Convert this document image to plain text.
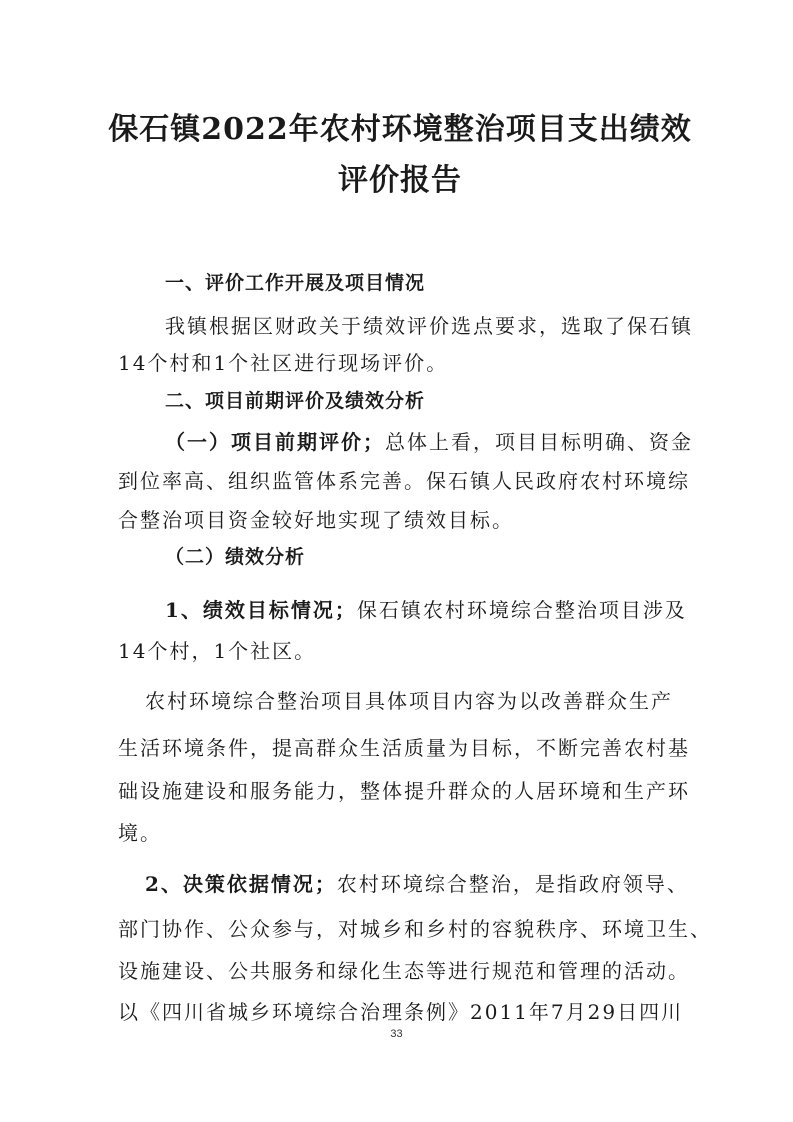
保石镇2022年农村环境整治项目支出绩效
评价报告
一、评价工作开展及项目情况
我镇根据区财政关于绩效评价选点要求，选取了保石镇
14个村和1个社区进行现场评价。
二、项目前期评价及绩效分析
（一）项目前期评价；总体上看，项目目标明确、资金
到位率高、组织监管体系完善。保石镇人民政府农村环境综
合整治项目资金较好地实现了绩效目标。
（二）绩效分析
1、绩效目标情况；保石镇农村环境综合整治项目涉及
14个村，1个社区。
农村环境综合整治项目具体项目内容为以改善群众生产
生活环境条件，提高群众生活质量为目标，不断完善农村基
础设施建设和服务能力，整体提升群众的人居环境和生产环
境。
2、决策依据情况；农村环境综合整治，是指政府领导、
部门协作、公众参与，对城乡和乡村的容貌秩序、环境卫生、
设施建设、公共服务和绿化生态等进行规范和管理的活动。
以《四川省城乡环境综合治理条例》2011年7月29日四川
33
